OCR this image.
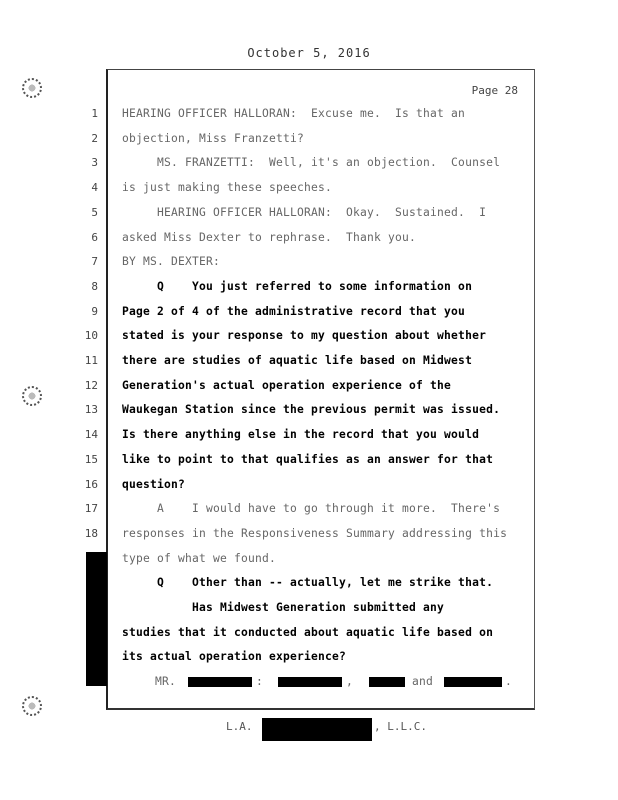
October 5, 2016
Page 28
1 HEARING OFFICER HALLORAN:  Excuse me.  Is that an
2 objection, Miss Franzetti?
3 MS. FRANZETTI:  Well, it's an objection.  Counsel
4 is just making these speeches.
5 HEARING OFFICER HALLORAN:  Okay.  Sustained.  I
6 asked Miss Dexter to rephrase.  Thank you.
7 BY MS. DEXTER:
8 Q    You just referred to some information on
9 Page 2 of 4 of the administrative record that you
10 stated is your response to my question about whether
11 there are studies of aquatic life based on Midwest
12 Generation's actual operation experience of the
13 Waukegan Station since the previous permit was issued.
14 Is there anything else in the record that you would
15 like to point to that qualifies as an answer for that
16 question?
17 A    I would have to go through it more.  There's
18 responses in the Responsiveness Summary addressing this
type of what we found.
Q    Other than -- actually, let me strike that.
Has Midwest Generation submitted any
studies that it conducted about aquatic life based on
its actual operation experience?
MR.	:	,	and	.
L.A.	, L.L.C.
